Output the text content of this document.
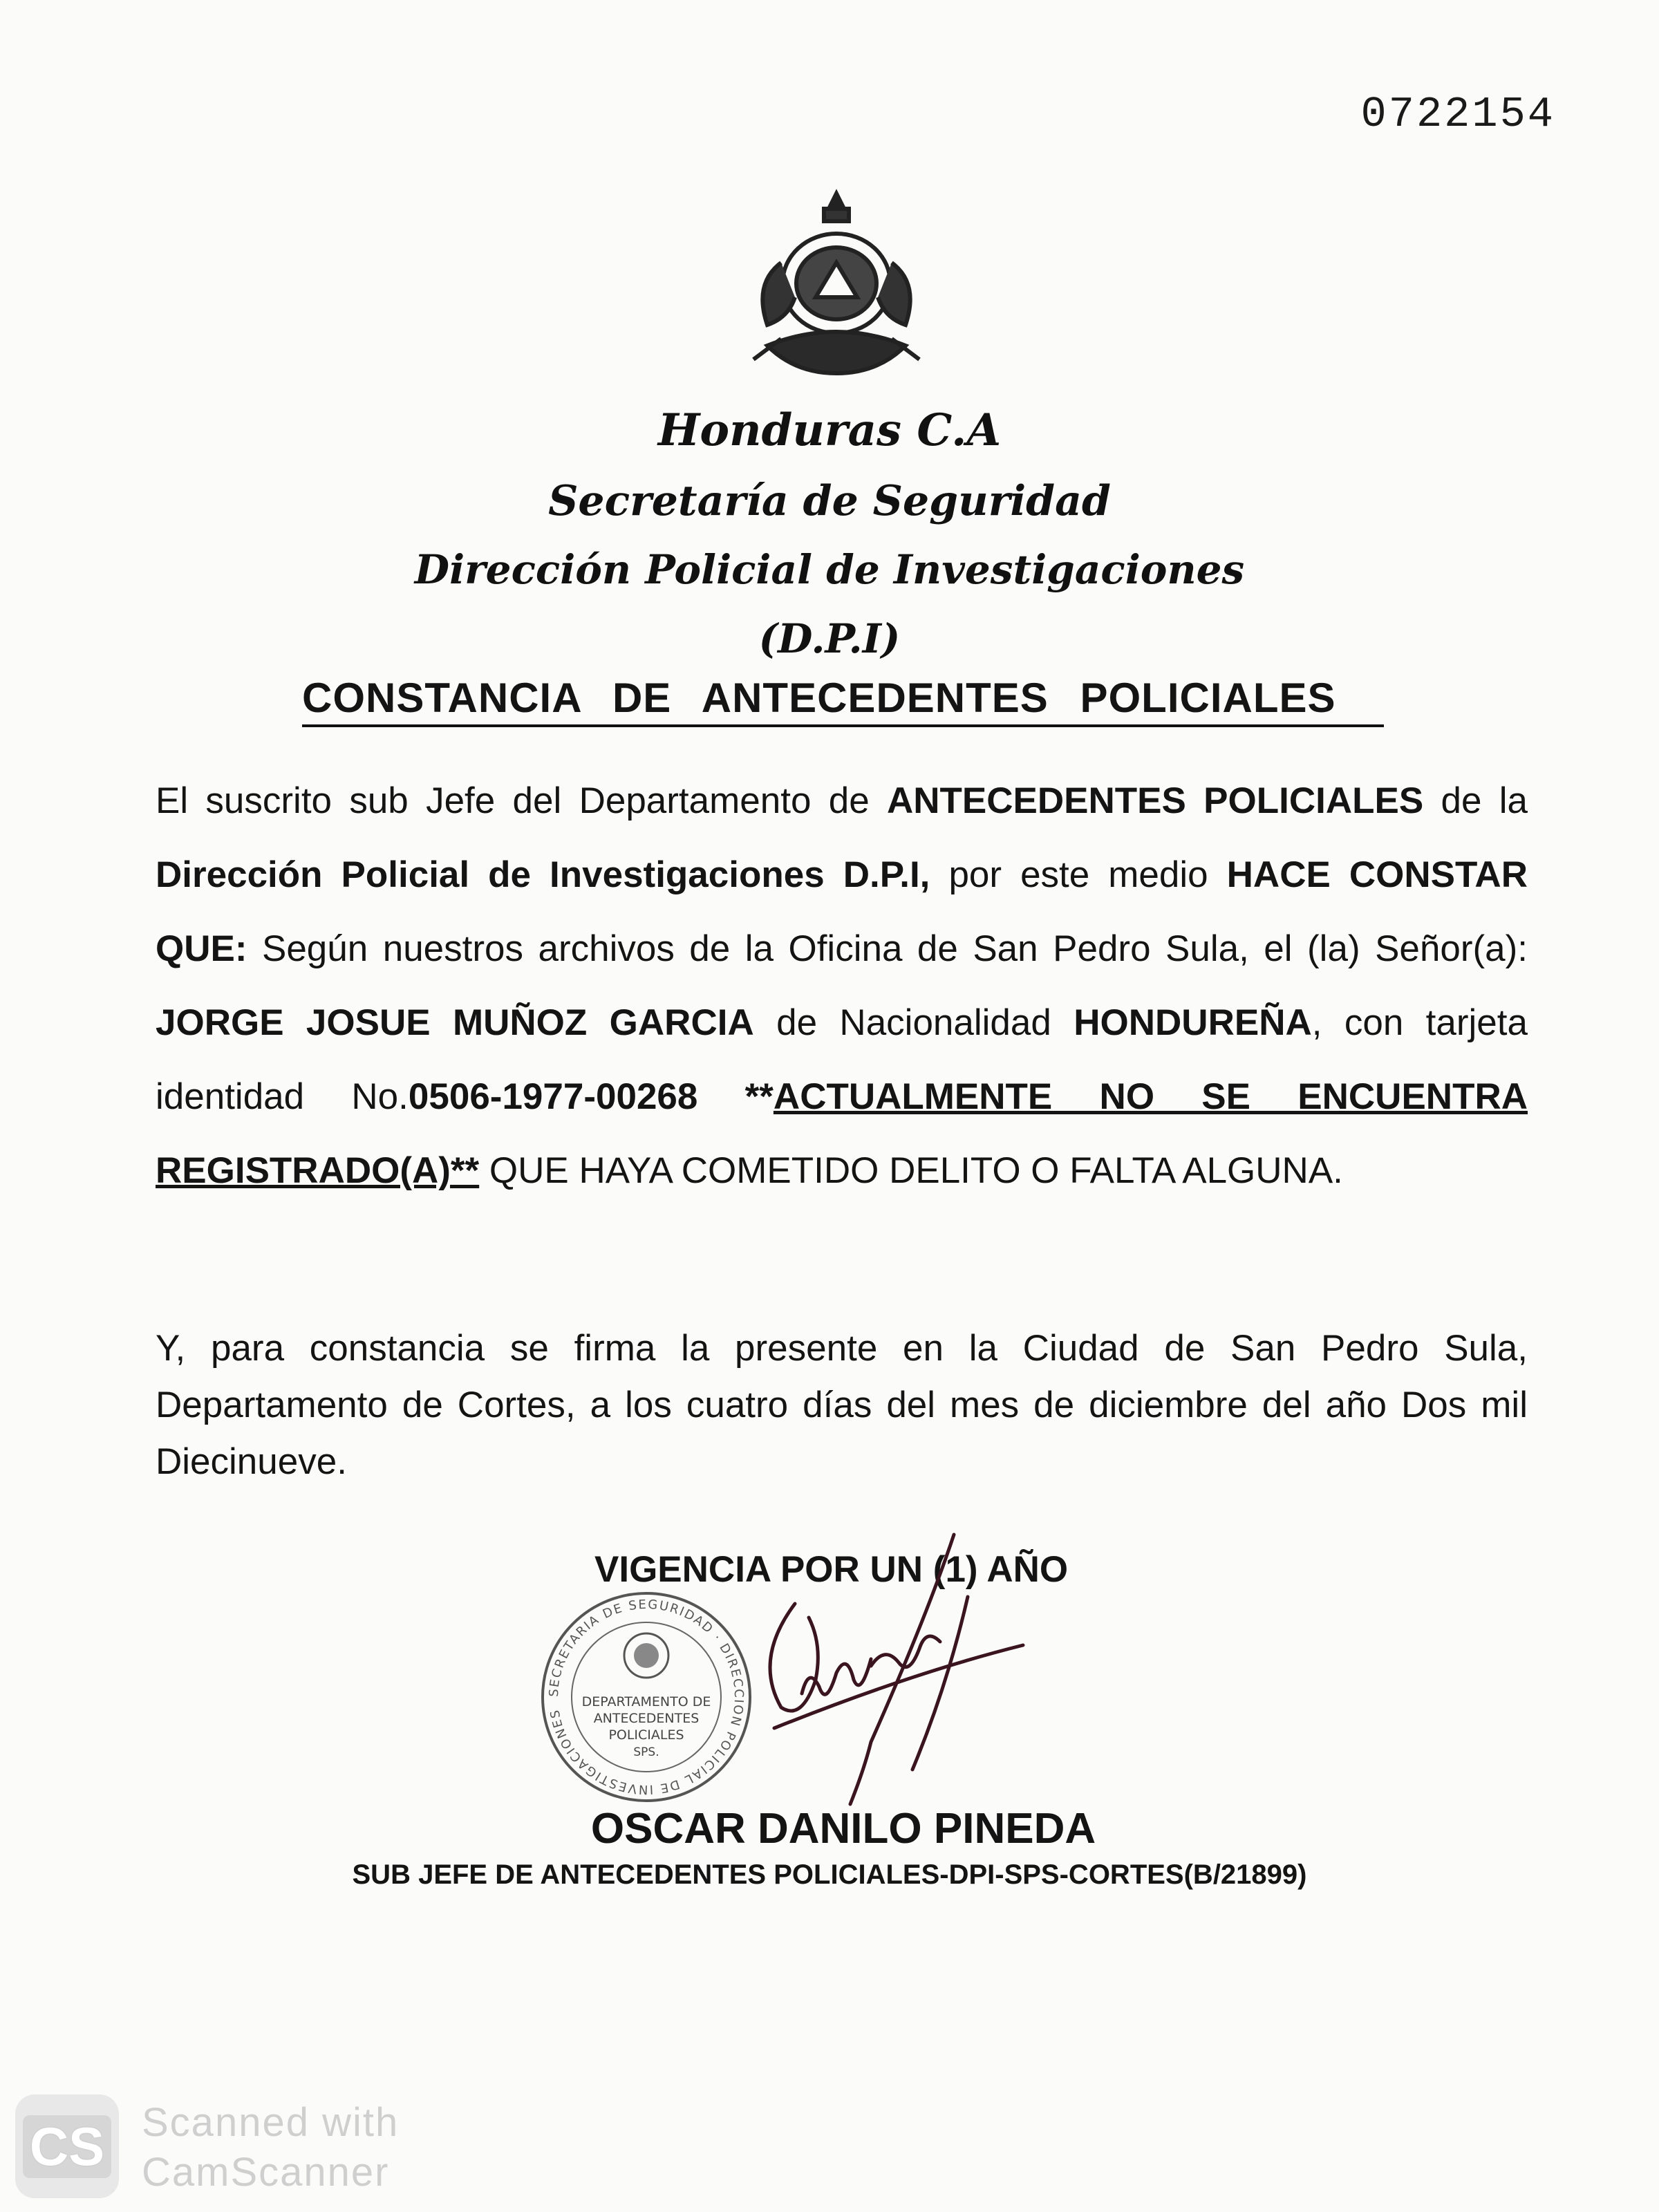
0722154
Honduras C.A
Secretaría de Seguridad
Dirección Policial de Investigaciones
(D.P.I)
CONSTANCIA DE ANTECEDENTES POLICIALES
El suscrito sub Jefe del Departamento de ANTECEDENTES POLICIALES de la Dirección Policial de Investigaciones D.P.I, por este medio HACE CONSTAR QUE: Según nuestros archivos de la Oficina de San Pedro Sula, el (la) Señor(a): JORGE JOSUE MUÑOZ GARCIA de Nacionalidad HONDUREÑA, con tarjeta identidad No.0506-1977-00268 **ACTUALMENTE NO SE ENCUENTRA REGISTRADO(A)** QUE HAYA COMETIDO DELITO O FALTA ALGUNA.
Y, para constancia se firma la presente en la Ciudad de San Pedro Sula, Departamento de Cortes, a los cuatro días del mes de diciembre del año Dos mil Diecinueve.
VIGENCIA POR UN (1) AÑO
DEPARTAMENTO DE
ANTECEDENTES
POLICIALES
SPS.
SECRETARIA DE SEGURIDAD · DIRECCION POLICIAL DE INVESTIGACIONES
OSCAR DANILO PINEDA
SUB JEFE DE ANTECEDENTES POLICIALES-DPI-SPS-CORTES(B/21899)
CS Scanned with
CamScanner
